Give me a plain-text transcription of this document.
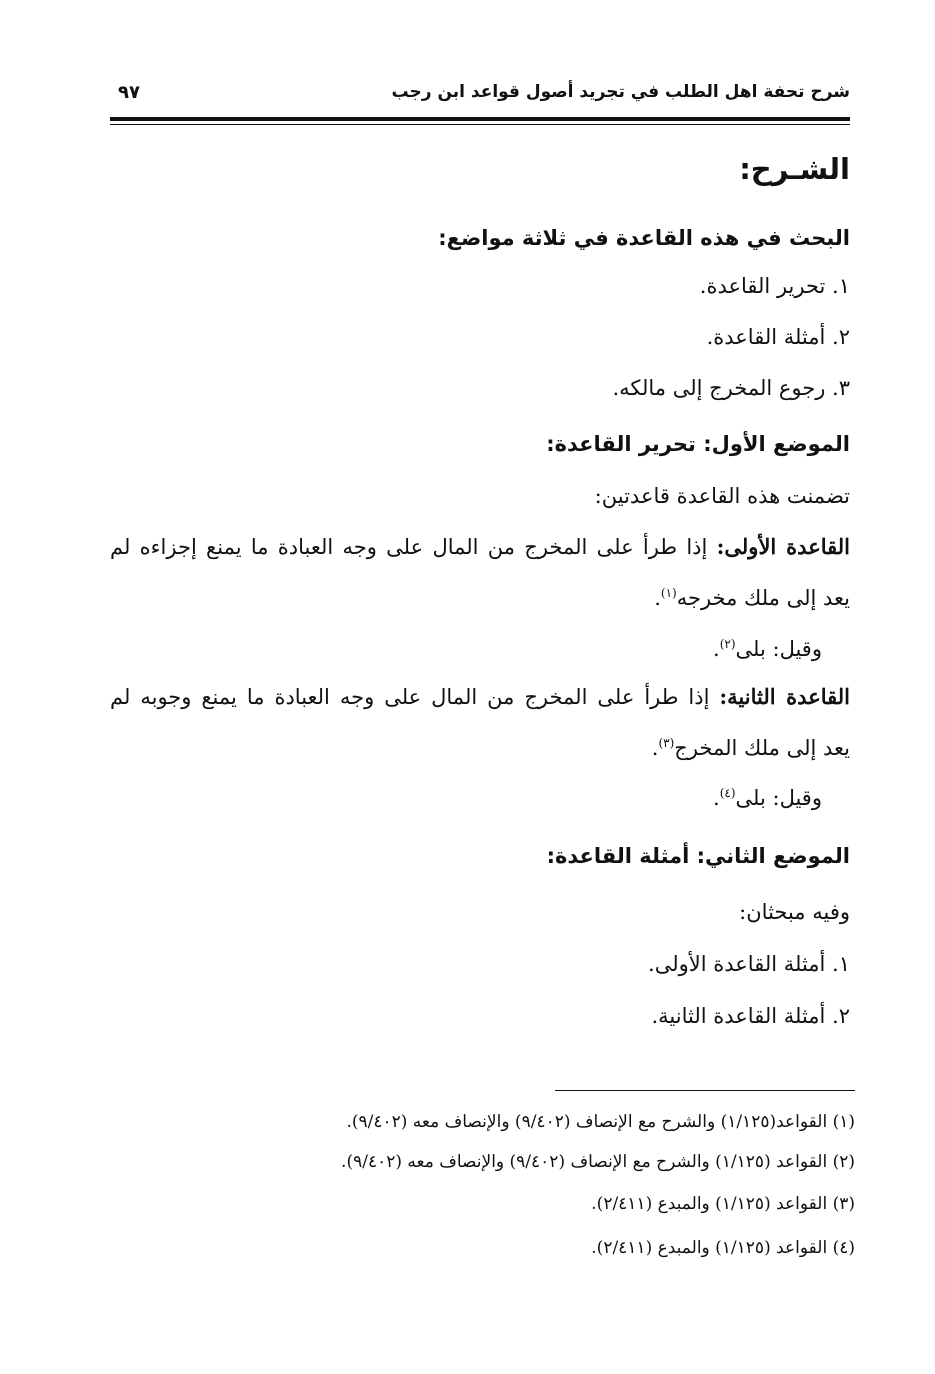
شرح تحفة اهل الطلب في تجريد أصول قواعد ابن رجب
٩٧
الشـرح:
البحث في هذه القاعدة في ثلاثة مواضع:
١. تحرير القاعدة.
٢. أمثلة القاعدة.
٣. رجوع المخرج إلى مالكه.
الموضع الأول: تحرير القاعدة:
تضمنت هذه القاعدة قاعدتين:
القاعدة الأولى: إذا طرأ على المخرج من المال على وجه العبادة ما يمنع إجزاءه لم
يعد إلى ملك مخرجه$^{(١)}$.
وقيل: بلى$^{(٢)}$.
القاعدة الثانية: إذا طرأ على المخرج من المال على وجه العبادة ما يمنع وجوبه لم
يعد إلى ملك المخرج$^{(٣)}$.
وقيل: بلى$^{(٤)}$.
الموضع الثاني: أمثلة القاعدة:
وفيه مبحثان:
١. أمثلة القاعدة الأولى.
٢. أمثلة القاعدة الثانية.
(١) القواعد(١/١٢٥) والشرح مع الإنصاف (٩/٤٠٢) والإنصاف معه (٩/٤٠٢).
(٢) القواعد (١/١٢٥) والشرح مع الإنصاف (٩/٤٠٢) والإنصاف معه (٩/٤٠٢).
(٣) القواعد (١/١٢٥) والمبدع (٢/٤١١).
(٤) القواعد (١/١٢٥) والمبدع (٢/٤١١).
